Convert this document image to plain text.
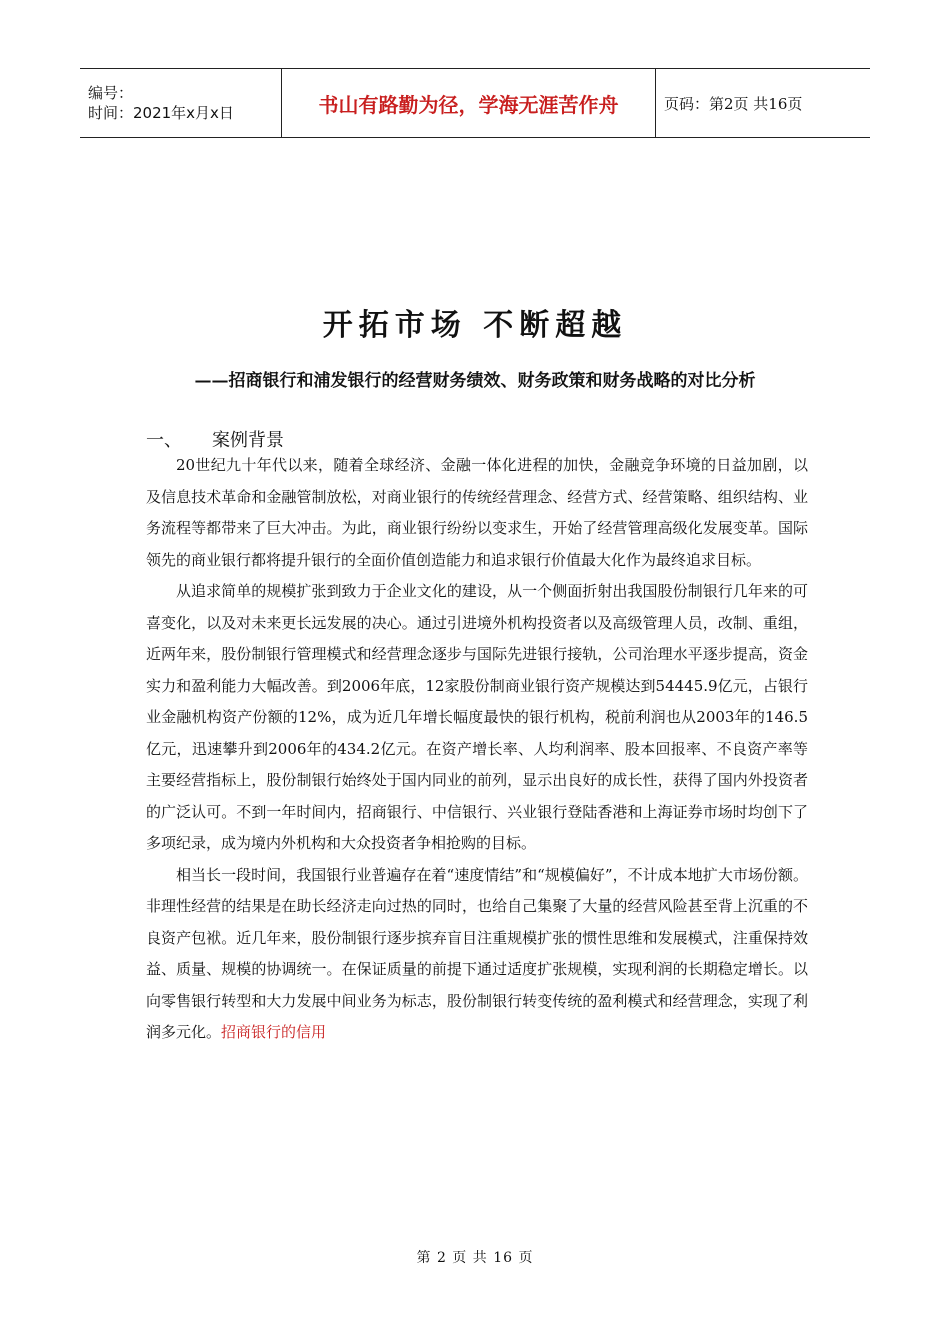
编号：
时间：2021年x月x日	书山有路勤为径，学海无涯苦作舟	页码：第2页 共16页
开拓市场 不断超越
——招商银行和浦发银行的经营财务绩效、财务政策和财务战略的对比分析
一、	案例背景

20世纪九十年代以来，随着全球经济、金融一体化进程的加快，金融竞争环境的日益加剧，以及信息技术革命和金融管制放松，对商业银行的传统经营理念、经营方式、经营策略、组织结构、业务流程等都带来了巨大冲击。为此，商业银行纷纷以变求生，开始了经营管理高级化发展变革。国际领先的商业银行都将提升银行的全面价值创造能力和追求银行价值最大化作为最终追求目标。

从追求简单的规模扩张到致力于企业文化的建设，从一个侧面折射出我国股份制银行几年来的可喜变化，以及对未来更长远发展的决心。通过引进境外机构投资者以及高级管理人员，改制、重组，近两年来，股份制银行管理模式和经营理念逐步与国际先进银行接轨，公司治理水平逐步提高，资金实力和盈利能力大幅改善。到2006年底，12家股份制商业银行资产规模达到54445.9亿元，占银行业金融机构资产份额的12%，成为近几年增长幅度最快的银行机构，税前利润也从2003年的146.5亿元，迅速攀升到2006年的434.2亿元。在资产增长率、人均利润率、股本回报率、不良资产率等主要经营指标上，股份制银行始终处于国内同业的前列，显示出良好的成长性，获得了国内外投资者的广泛认可。不到一年时间内，招商银行、中信银行、兴业银行登陆香港和上海证券市场时均创下了多项纪录，成为境内外机构和大众投资者争相抢购的目标。

相当长一段时间，我国银行业普遍存在着“速度情结”和“规模偏好”，不计成本地扩大市场份额。非理性经营的结果是在助长经济走向过热的同时，也给自己集聚了大量的经营风险甚至背上沉重的不良资产包袱。近几年来，股份制银行逐步摈弃盲目注重规模扩张的惯性思维和发展模式，注重保持效益、质量、规模的协调统一。在保证质量的前提下通过适度扩张规模，实现利润的长期稳定增长。以向零售银行转型和大力发展中间业务为标志，股份制银行转变传统的盈利模式和经营理念，实现了利润多元化。招商银行的信用

第 2 页 共 16 页
